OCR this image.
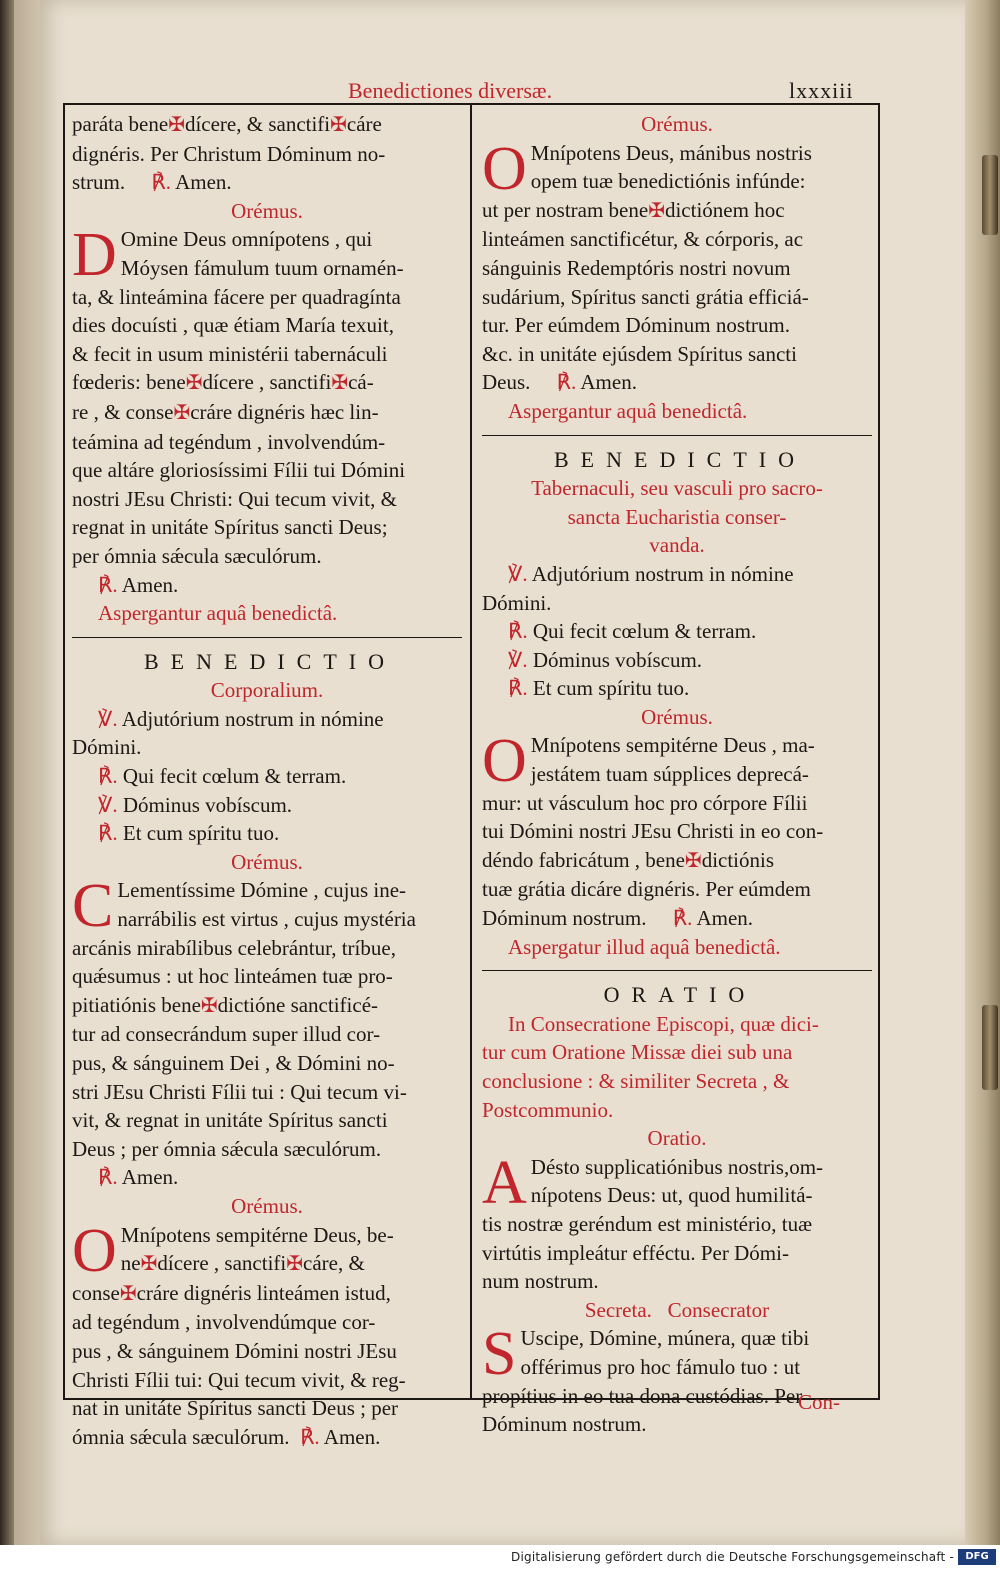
Benedictiones diversæ.	lxxxiii
paráta bene✠dícere, & sanctifi✠cáre
dignéris. Per Christum Dóminum no-
strum. ℟. Amen.
Orémus.
D Omine Deus omnípotens , qui
Móysen fámulum tuum ornamén-
ta, & linteámina fácere per quadragínta
dies docuísti , quæ étiam María texuit,
& fecit in usum ministérii tabernáculi
fœderis: bene✠dícere , sanctifi✠cá-
re , & conse✠cráre dignéris hæc lin-
teámina ad tegéndum , involvendúm-
que altáre gloriosíssimi Fílii tui Dómini
nostri JEsu Christi: Qui tecum vivit, &
regnat in unitáte Spíritus sancti Deus;
per ómnia sǽcula sæculórum.
℟. Amen.
Aspergantur aquâ benedictâ.
BENEDICTIO
Corporalium.
℣. Adjutórium nostrum in nómine
Dómini.
℟. Qui fecit cœlum & terram.
℣. Dóminus vobíscum.
℟. Et cum spíritu tuo.
Orémus.
C Lementíssime Dómine , cujus ine-
narrábilis est virtus , cujus mystéria
arcánis mirabílibus celebrántur, tríbue,
quǽsumus : ut hoc linteámen tuæ pro-
pitiatiónis bene✠dictióne sanctificé-
tur ad consecrándum super illud cor-
pus, & sánguinem Dei , & Dómini no-
stri JEsu Christi Fílii tui : Qui tecum vi-
vit, & regnat in unitáte Spíritus sancti
Deus ; per ómnia sǽcula sæculórum.
℟. Amen.
Orémus.
O Mnípotens sempitérne Deus, be-
ne✠dícere , sanctifi✠cáre, &
conse✠cráre dignéris linteámen istud,
ad tegéndum , involvendúmque cor-
pus , & sánguinem Dómini nostri JEsu
Christi Fílii tui: Qui tecum vivit, & reg-
nat in unitáte Spíritus sancti Deus ; per
ómnia sǽcula sæculórum. ℟. Amen.
Orémus.
O Mnípotens Deus, mánibus nostris
opem tuæ benedictiónis infúnde:
ut per nostram bene✠dictiónem hoc
linteámen sanctificétur, & córporis, ac
sánguinis Redemptóris nostri novum
sudárium, Spíritus sancti grátia efficiá-
tur. Per eúmdem Dóminum nostrum.
&c. in unitáte ejúsdem Spíritus sancti
Deus. ℟. Amen.
Aspergantur aquâ benedictâ.
BENEDICTIO
Tabernaculi, seu vasculi pro sacro-
sancta Eucharistia conser-
vanda.
℣. Adjutórium nostrum in nómine
Dómini.
℟. Qui fecit cœlum & terram.
℣. Dóminus vobíscum.
℟. Et cum spíritu tuo.
Orémus.
O Mnípotens sempitérne Deus , ma-
jestátem tuam súpplices deprecá-
mur: ut vásculum hoc pro córpore Fílii
tui Dómini nostri JEsu Christi in eo con-
déndo fabricátum , bene✠dictiónis
tuæ grátia dicáre dignéris. Per eúmdem
Dóminum nostrum. ℟. Amen.
Aspergatur illud aquâ benedictâ.
ORATIO
In Consecratione Episcopi, quæ dici-
tur cum Oratione Missæ diei sub una
conclusione : & similiter Secreta , &
Postcommunio.
Oratio.
A Désto supplicatiónibus nostris,om-
nípotens Deus: ut, quod humilitá-
tis nostræ geréndum est ministério, tuæ
virtútis impleátur efféctu. Per Dómi-
num nostrum.
Secreta.   Consecrator
S Uscipe, Dómine, múnera, quæ tibi
offérimus pro hoc fámulo tuo : ut
propítius in eo tua dona custódias. Per
Dóminum nostrum.
Con-
Digitalisierung gefördert durch die Deutsche Forschungsgemeinschaft -	DFG
